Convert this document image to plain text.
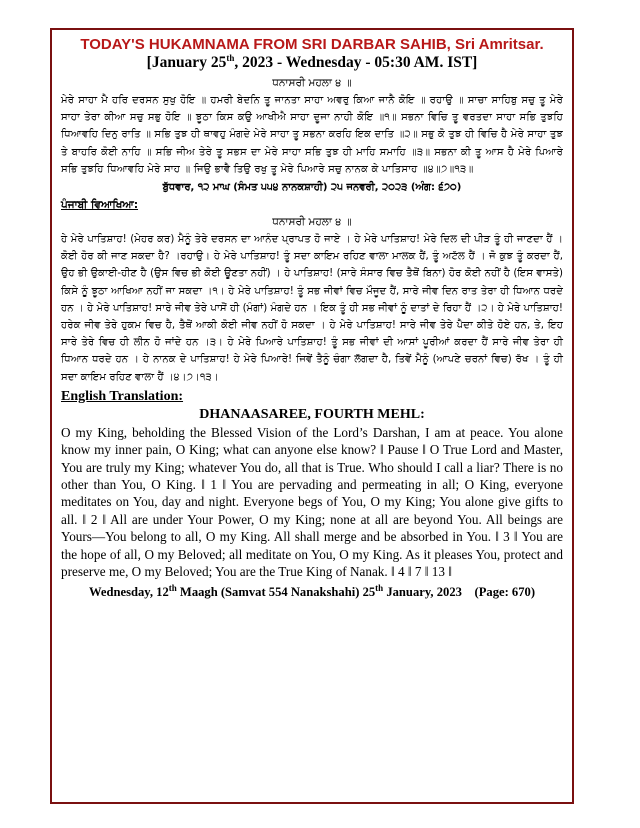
TODAY'S HUKAMNAMA FROM SRI DARBAR SAHIB, Sri Amritsar.

[January 25th, 2023 - Wednesday - 05:30 AM. IST]

ਧਨਾਸਰੀ ਮਹਲਾ ੪ ॥

ਮੇਰੇ ਸਾਹਾ ਮੈ ਹਰਿ ਦਰਸਨ ਸੁਖੁ ਹੋਇ ॥ ਹਮਰੀ ਬੇਦਨਿ ਤੂ ਜਾਨਤਾ ਸਾਹਾ ਅਵਰੁ ਕਿਆ ਜਾਨੈ ਕੋਇ ॥ ਰਹਾਉ ॥ ਸਾਚਾ ਸਾਹਿਬੁ ਸਚੁ ਤੂ ਮੇਰੇ ਸਾਹਾ ਤੇਰਾ ਕੀਆ ਸਚੁ ਸਭੁ ਹੋਇ ॥ ਝੂਠਾ ਕਿਸ ਕਉ ਆਖੀਐ ਸਾਹਾ ਦੂਜਾ ਨਾਹੀ ਕੋਇ ॥੧॥ ਸਭਨਾ ਵਿਚਿ ਤੂ ਵਰਤਦਾ ਸਾਹਾ ਸਭਿ ਤੁਝਹਿ ਧਿਆਵਹਿ ਦਿਨੁ ਰਾਤਿ ॥ ਸਭਿ ਤੁਝ ਹੀ ਥਾਵਹੁ ਮੰਗਦੇ ਮੇਰੇ ਸਾਹਾ ਤੂ ਸਭਨਾ ਕਰਹਿ ਇਕ ਦਾਤਿ ॥੨॥ ਸਭੁ ਕੋ ਤੁਝ ਹੀ ਵਿਚਿ ਹੈ ਮੇਰੇ ਸਾਹਾ ਤੁਝ ਤੇ ਬਾਹਰਿ ਕੋਈ ਨਾਹਿ ॥ ਸਭਿ ਜੀਅ ਤੇਰੇ ਤੂ ਸਭਸ ਦਾ ਮੇਰੇ ਸਾਹਾ ਸਭਿ ਤੁਝ ਹੀ ਮਾਹਿ ਸਮਾਹਿ ॥੩॥ ਸਭਨਾ ਕੀ ਤੂ ਆਸ ਹੈ ਮੇਰੇ ਪਿਆਰੇ ਸਭਿ ਤੁਝਹਿ ਧਿਆਵਹਿ ਮੇਰੇ ਸਾਹ ॥ ਜਿਉ ਭਾਵੈ ਤਿਉ ਰਖੁ ਤੂ ਮੇਰੇ ਪਿਆਰੇ ਸਚੁ ਨਾਨਕ ਕੇ ਪਾਤਿਸਾਹ ॥੪॥੭॥੧੩॥

ਬੁੱਧਵਾਰ, ੧੨ ਮਾਘ (ਸੰਮਤ ੫੫੪ ਨਾਨਕਸ਼ਾਹੀ) ੨੫ ਜਨਵਰੀ, ੨੦੨੩ (ਅੰਗ: ੬੭੦)

ਪੰਜਾਬੀ ਵਿਆਖਿਆ:

ਧਨਾਸਰੀ ਮਹਲਾ ੪ ॥

ਹੇ ਮੇਰੇ ਪਾਤਿਸ਼ਾਹ! (ਮੇਹਰ ਕਰ) ਮੈਨੂੰ ਤੇਰੇ ਦਰਸਨ ਦਾ ਆਨੰਦ ਪ੍ਰਾਪਤ ਹੋ ਜਾਏ । ਹੇ ਮੇਰੇ ਪਾਤਿਸ਼ਾਹ! ਮੇਰੇ ਦਿਲ ਦੀ ਪੀੜ ਤੂੰ ਹੀ ਜਾਣਦਾ ਹੈਂ । ਕੋਈ ਹੋਰ ਕੀ ਜਾਣ ਸਕਦਾ ਹੈ? ।ਰਹਾਉ। ਹੇ ਮੇਰੇ ਪਾਤਿਸ਼ਾਹ! ਤੂੰ ਸਦਾ ਕਾਇਮ ਰਹਿਣ ਵਾਲਾ ਮਾਲਕ ਹੈਂ, ਤੂੰ ਅਟੱਲ ਹੈਂ । ਜੋ ਕੁਝ ਤੂੰ ਕਰਦਾ ਹੈਂ, ਉਹ ਭੀ ਉਕਾਈ-ਹੀਣ ਹੈ (ਉਸ ਵਿਚ ਭੀ ਕੋਈ ਊਣਤਾ ਨਹੀਂ) । ਹੇ ਪਾਤਿਸ਼ਾਹ! (ਸਾਰੇ ਸੰਸਾਰ ਵਿਚ ਤੈਥੋਂ ਬਿਨਾ) ਹੋਰ ਕੋਈ ਨਹੀਂ ਹੈ (ਇਸ ਵਾਸਤੇ) ਕਿਸੇ ਨੂੰ ਝੂਠਾ ਆਖਿਆ ਨਹੀਂ ਜਾ ਸਕਦਾ ।੧। ਹੇ ਮੇਰੇ ਪਾਤਿਸ਼ਾਹ! ਤੂੰ ਸਭ ਜੀਵਾਂ ਵਿਚ ਮੌਜੂਦ ਹੈਂ, ਸਾਰੇ ਜੀਵ ਦਿਨ ਰਾਤ ਤੇਰਾ ਹੀ ਧਿਆਨ ਧਰਦੇ ਹਨ । ਹੇ ਮੇਰੇ ਪਾਤਿਸ਼ਾਹ! ਸਾਰੇ ਜੀਵ ਤੇਰੇ ਪਾਸੋਂ ਹੀ (ਮੰਗਾਂ) ਮੰਗਦੇ ਹਨ । ਇਕ ਤੂੰ ਹੀ ਸਭ ਜੀਵਾਂ ਨੂੰ ਦਾਤਾਂ ਦੇ ਰਿਹਾ ਹੈਂ ।੨। ਹੇ ਮੇਰੇ ਪਾਤਿਸ਼ਾਹ! ਹਰੇਕ ਜੀਵ ਤੇਰੇ ਹੁਕਮ ਵਿਚ ਹੈ, ਤੈਥੋਂ ਆਕੀ ਕੋਈ ਜੀਵ ਨਹੀਂ ਹੋ ਸਕਦਾ । ਹੇ ਮੇਰੇ ਪਾਤਿਸ਼ਾਹ! ਸਾਰੇ ਜੀਵ ਤੇਰੇ ਪੈਦਾ ਕੀਤੇ ਹੋਏ ਹਨ, ਤੇ, ਇਹ ਸਾਰੇ ਤੇਰੇ ਵਿਚ ਹੀ ਲੀਨ ਹੋ ਜਾਂਦੇ ਹਨ ।੩। ਹੇ ਮੇਰੇ ਪਿਆਰੇ ਪਾਤਿਸ਼ਾਹ! ਤੂੰ ਸਭ ਜੀਵਾਂ ਦੀ ਆਸਾਂ ਪੂਰੀਆਂ ਕਰਦਾ ਹੈਂ ਸਾਰੇ ਜੀਵ ਤੇਰਾ ਹੀ ਧਿਆਨ ਧਰਦੇ ਹਨ । ਹੇ ਨਾਨਕ ਦੇ ਪਾਤਿਸ਼ਾਹ! ਹੇ ਮੇਰੇ ਪਿਆਰੇ! ਜਿਵੇਂ ਤੈਨੂੰ ਚੰਗਾ ਲੱਗਦਾ ਹੈ, ਤਿਵੇਂ ਮੈਨੂੰ (ਆਪਣੇ ਚਰਨਾਂ ਵਿਚ) ਰੱਖ । ਤੂੰ ਹੀ ਸਦਾ ਕਾਇਮ ਰਹਿਣ ਵਾਲਾ ਹੈਂ ।੪।੭।੧੩।

English Translation:

DHANAASAREE, FOURTH MEHL:

O my King, beholding the Blessed Vision of the Lord’s Darshan, I am at peace. You alone know my inner pain, O King; what can anyone else know? ‖ Pause ‖ O True Lord and Master, You are truly my King; whatever You do, all that is True. Who should I call a liar? There is no other than You, O King. ‖ 1 ‖ You are pervading and permeating in all; O King, everyone meditates on You, day and night. Everyone begs of You, O my King; You alone give gifts to all. ‖ 2 ‖ All are under Your Power, O my King; none at all are beyond You. All beings are Yours—You belong to all, O my King. All shall merge and be absorbed in You. ‖ 3 ‖ You are the hope of all, O my Beloved; all meditate on You, O my King. As it pleases You, protect and preserve me, O my Beloved; You are the True King of Nanak. ‖ 4 ‖ 7 ‖ 13 ‖

Wednesday, 12th Maagh (Samvat 554 Nanakshahi) 25th January, 2023 (Page: 670)
